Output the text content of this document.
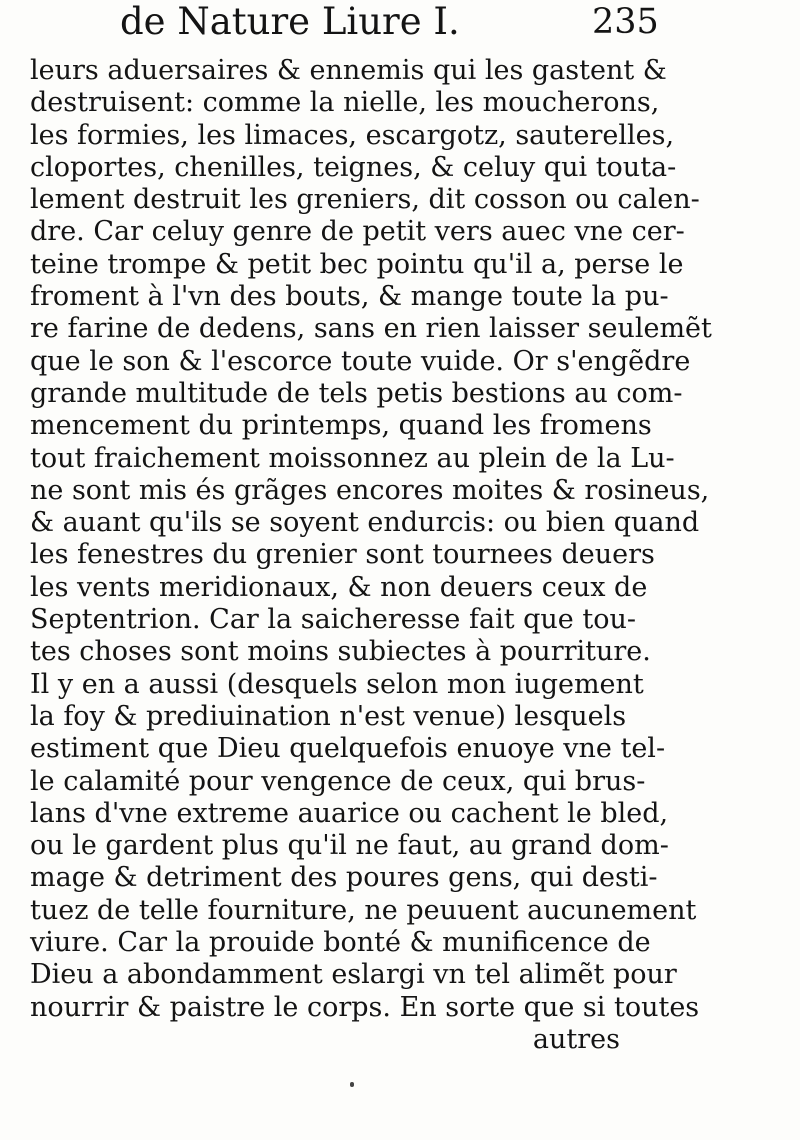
de Nature Liure I.	235
leurs aduersaires & ennemis qui les gastent &
destruisent: comme la nielle, les moucherons,
les formies, les limaces, escargotz, sauterelles,
cloportes, chenilles, teignes, & celuy qui touta-
lement destruit les greniers, dit cosson ou calen-
dre. Car celuy genre de petit vers auec vne cer-
teine trompe & petit bec pointu qu'il a, perse le
froment à l'vn des bouts, & mange toute la pu-
re farine de dedens, sans en rien laisser seulemẽt
que le son & l'escorce toute vuide. Or s'engẽdre
grande multitude de tels petis bestions au com-
mencement du printemps, quand les fromens
tout fraichement moissonnez au plein de la Lu-
ne sont mis és grãges encores moites & rosineus,
& auant qu'ils se soyent endurcis: ou bien quand
les fenestres du grenier sont tournees deuers
les vents meridionaux, & non deuers ceux de
Septentrion. Car la saicheresse fait que tou-
tes choses sont moins subiectes à pourriture.
Il y en a aussi (desquels selon mon iugement
la foy & prediuination n'est venue) lesquels
estiment que Dieu quelquefois enuoye vne tel-
le calamité pour vengence de ceux, qui brus-
lans d'vne extreme auarice ou cachent le bled,
ou le gardent plus qu'il ne faut, au grand dom-
mage & detriment des poures gens, qui desti-
tuez de telle fourniture, ne peuuent aucunement
viure. Car la prouide bonté & munificence de
Dieu a abondamment eslargi vn tel alimẽt pour
nourrir & paistre le corps. En sorte que si toutes
autres
